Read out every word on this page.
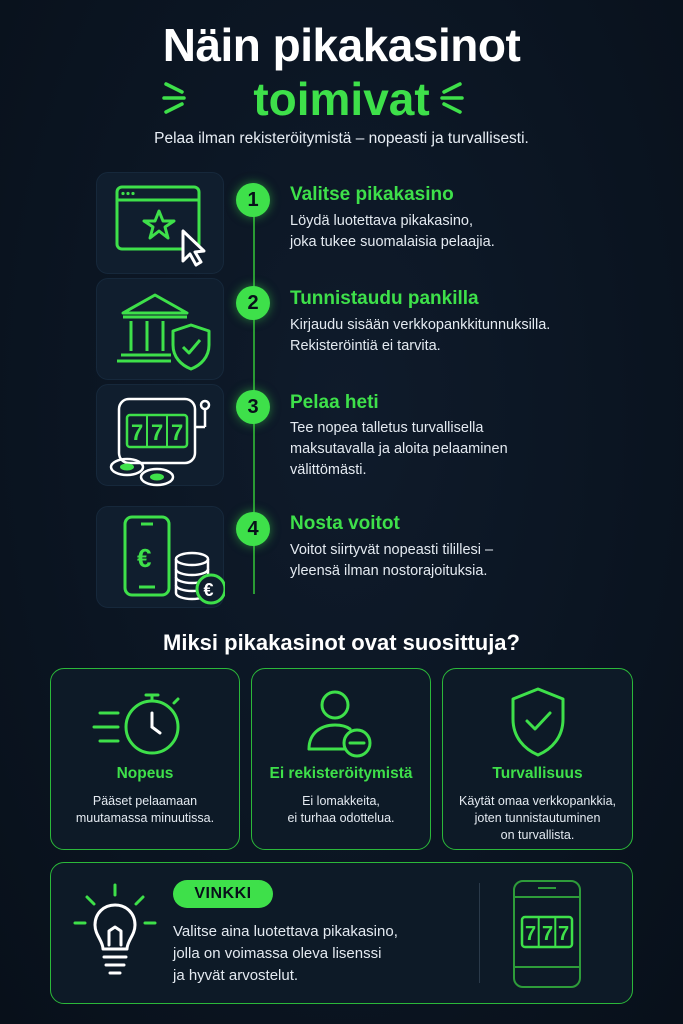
Näin pikakasinot
toimivat
Pelaa ilman rekisteröitymistä – nopeasti ja turvallisesti.
1	Valitse pikakasino
Löydä luotettava pikakasino,
joka tukee suomalaisia pelaajia.
2	Tunnistaudu pankilla
Kirjaudu sisään verkkopankkitunnuksilla.
Rekisteröintiä ei tarvita.
7 7 7
3	Pelaa heti
Tee nopea talletus turvallisella
maksutavalla ja aloita pelaaminen
välittömästi.
€
€
4	Nosta voitot
Voitot siirtyvät nopeasti tilillesi –
yleensä ilman nostorajoituksia.
Miksi pikakasinot ovat suosittuja?
Nopeus
Pääset pelaamaan
muutamassa minuutissa.
Ei rekisteröitymistä
Ei lomakkeita,
ei turhaa odottelua.
Turvallisuus
Käytät omaa verkkopankkia,
joten tunnistautuminen
on turvallista.
VINKKI
Valitse aina luotettava pikakasino,
jolla on voimassa oleva lisenssi
ja hyvät arvostelut.
7 7 7
